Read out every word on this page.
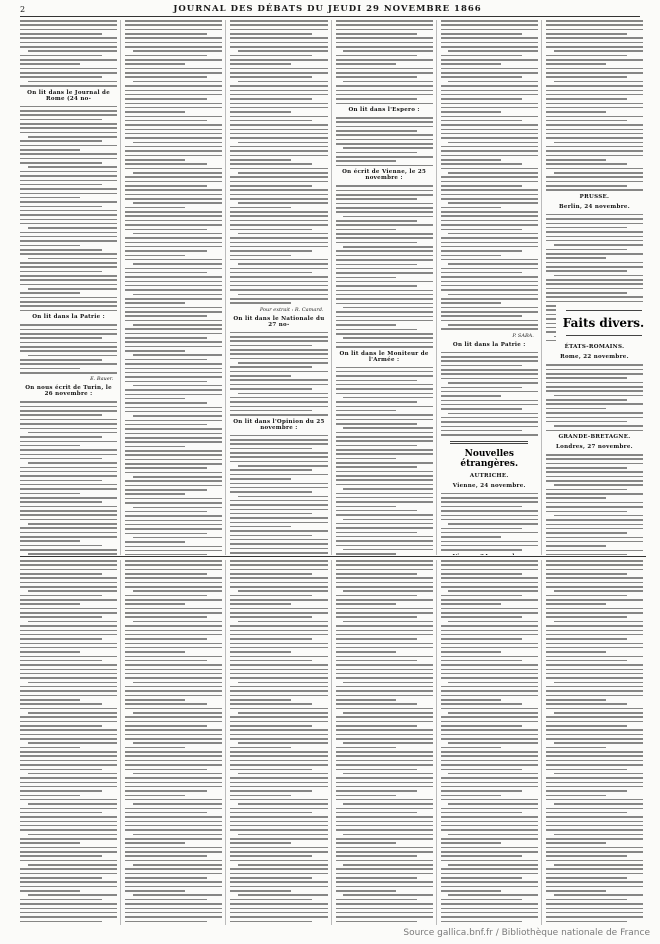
2	JOURNAL DES DÉBATS DU JEUDI 29 NOVEMBRE 1866
On lit dans le Journal de Rome (24 no-
On lit dans la Patrie :
E. Bauer.
On nous écrit de Turin, le 26 novembre :
Pour extrait : R. Camard.
On lit dans le Nationale du 27 no-
On lit dans l'Opinion du 25 novembre :
On lit dans l'Espero :
On écrit de Vienne, le 25 novembre :
On lit dans le Moniteur de l'Armée :
P. SABA.
On lit dans la Patrie :
Nouvelles étrangères.
AUTRICHE.
Vienne, 24 novembre.
PRUSSE.
Berlin, 24 novembre.
ÉTATS-ROMAINS.
Rome, 22 novembre.
GRANDE-BRETAGNE.
Londres, 27 novembre.
Faits divers.
Source gallica.bnf.fr / Bibliothèque nationale de France
